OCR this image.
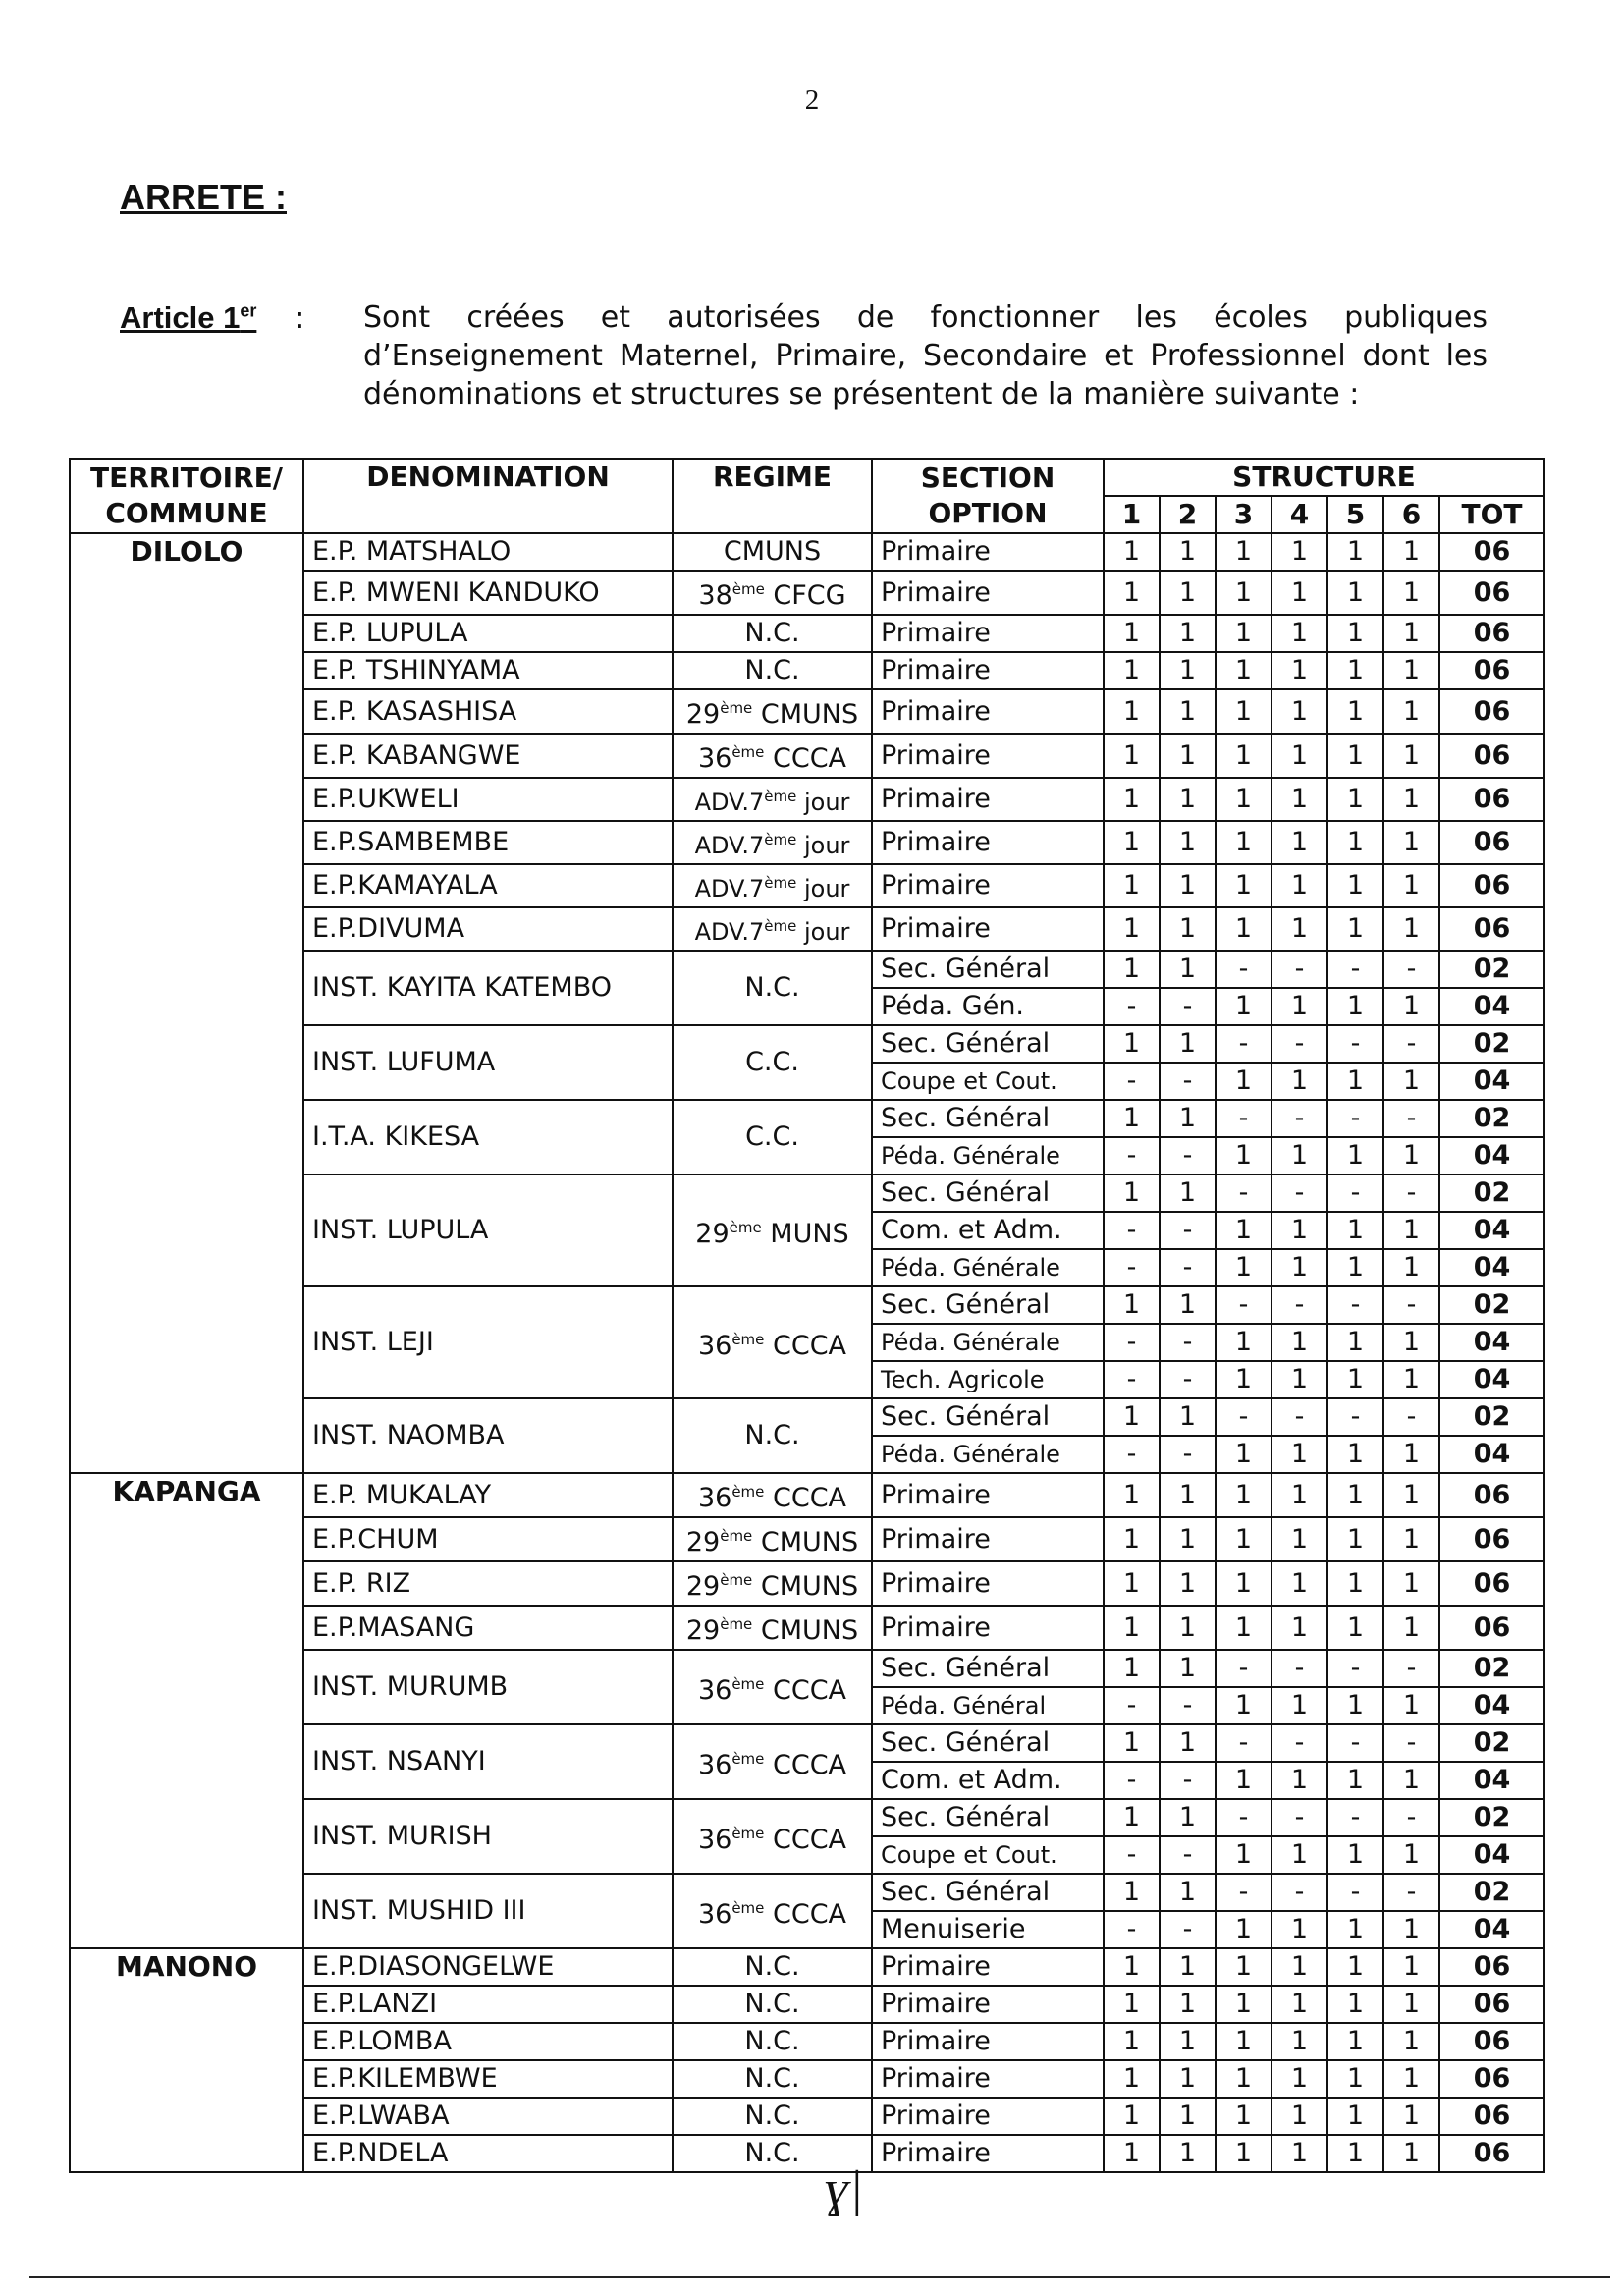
2
ARRETE :
Article 1er : Sont créées et autorisées de fonctionner les écoles publiques d’Enseignement Maternel, Primaire, Secondaire et Professionnel dont les dénominations et structures se présentent de la manière suivante :
TERRITOIRE/ COMMUNE	DENOMINATION	REGIME	SECTION OPTION	STRUCTURE						
				1	2	3	4	5	6	TOT
DILOLO	E.P. MATSHALO	CMUNS	Primaire	1	1	1	1	1	1	06
	E.P. MWENI KANDUKO	38ème CFCG	Primaire	1	1	1	1	1	1	06
	E.P. LUPULA	N.C.	Primaire	1	1	1	1	1	1	06
	E.P. TSHINYAMA	N.C.	Primaire	1	1	1	1	1	1	06
	E.P. KASASHISA	29ème CMUNS	Primaire	1	1	1	1	1	1	06
	E.P. KABANGWE	36ème CCCA	Primaire	1	1	1	1	1	1	06
	E.P.UKWELI	ADV.7ème jour	Primaire	1	1	1	1	1	1	06
	E.P.SAMBEMBE	ADV.7ème jour	Primaire	1	1	1	1	1	1	06
	E.P.KAMAYALA	ADV.7ème jour	Primaire	1	1	1	1	1	1	06
	E.P.DIVUMA	ADV.7ème jour	Primaire	1	1	1	1	1	1	06
	INST. KAYITA KATEMBO	N.C.	Sec. Général	1	1	-	-	-	-	02
			Péda. Gén.	-	-	1	1	1	1	04
	INST. LUFUMA	C.C.	Sec. Général	1	1	-	-	-	-	02
			Coupe et Cout.	-	-	1	1	1	1	04
	I.T.A. KIKESA	C.C.	Sec. Général	1	1	-	-	-	-	02
			Péda. Générale	-	-	1	1	1	1	04
	INST. LUPULA	29ème MUNS	Sec. Général	1	1	-	-	-	-	02
			Com. et Adm.	-	-	1	1	1	1	04
			Péda. Générale	-	-	1	1	1	1	04
	INST. LEJI	36ème CCCA	Sec. Général	1	1	-	-	-	-	02
			Péda. Générale	-	-	1	1	1	1	04
			Tech. Agricole	-	-	1	1	1	1	04
	INST. NAOMBA	N.C.	Sec. Général	1	1	-	-	-	-	02
			Péda. Générale	-	-	1	1	1	1	04
KAPANGA	E.P. MUKALAY	36ème CCCA	Primaire	1	1	1	1	1	1	06
	E.P.CHUM	29ème CMUNS	Primaire	1	1	1	1	1	1	06
	E.P. RIZ	29ème CMUNS	Primaire	1	1	1	1	1	1	06
	E.P.MASANG	29ème CMUNS	Primaire	1	1	1	1	1	1	06
	INST. MURUMB	36ème CCCA	Sec. Général	1	1	-	-	-	-	02
			Péda. Général	-	-	1	1	1	1	04
	INST. NSANYI	36ème CCCA	Sec. Général	1	1	-	-	-	-	02
			Com. et Adm.	-	-	1	1	1	1	04
	INST. MURISH	36ème CCCA	Sec. Général	1	1	-	-	-	-	02
			Coupe et Cout.	-	-	1	1	1	1	04
	INST. MUSHID III	36ème CCCA	Sec. Général	1	1	-	-	-	-	02
			Menuiserie	-	-	1	1	1	1	04
MANONO	E.P.DIASONGELWE	N.C.	Primaire	1	1	1	1	1	1	06
	E.P.LANZI	N.C.	Primaire	1	1	1	1	1	1	06
	E.P.LOMBA	N.C.	Primaire	1	1	1	1	1	1	06
	E.P.KILEMBWE	N.C.	Primaire	1	1	1	1	1	1	06
	E.P.LWABA	N.C.	Primaire	1	1	1	1	1	1	06
	E.P.NDELA	N.C.	Primaire	1	1	1	1	1	1	06
ɣ|
